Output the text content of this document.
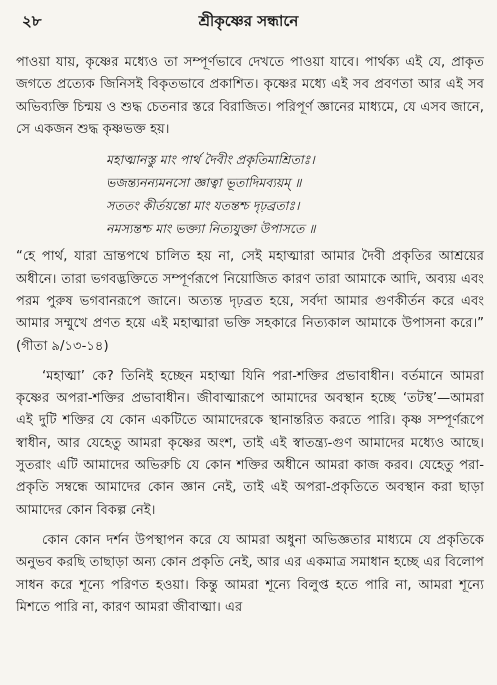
২৮	শ্রীকৃষ্ণের সন্ধানে

পাওয়া যায়, কৃষ্ণের মধ্যেও তা সম্পূর্ণভাবে দেখতে পাওয়া যাবে। পার্থক্য এই যে, প্রাকৃত জগতে প্রত্যেক জিনিসই বিকৃতভাবে প্রকাশিত। কৃষ্ণের মধ্যে এই সব প্রবণতা আর এই সব অভিব্যক্তি চিন্ময় ও শুদ্ধ চেতনার স্তরে বিরাজিত। পরিপূর্ণ জ্ঞানের মাধ্যমে, যে এসব জানে, সে একজন শুদ্ধ কৃষ্ণভক্ত হয়।

মহাত্মানস্তু মাং পার্থ দৈবীং প্রকৃতিমাশ্রিতাঃ।
ভজন্ত্যনন্যমনসো জ্ঞাত্বা ভূতাদিমব্যয়ম্ ॥
সততং কীর্তয়ন্তো মাং যতন্তশ্চ দৃঢ়ব্রতাঃ।
নমস্যন্তশ্চ মাং ভক্ত্যা নিত্যযুক্তা উপাসতে ॥

“হে পার্থ, যারা ভ্রান্তপথে চালিত হয় না, সেই মহাত্মারা আমার দৈবী প্রকৃতির আশ্রয়ের অধীনে। তারা ভগবদ্ভক্তিতে সম্পূর্ণরূপে নিয়োজিত কারণ তারা আমাকে আদি, অব্যয় এবং পরম পুরুষ ভগবানরূপে জানে। অত্যন্ত দৃঢ়ব্রত হয়ে, সর্বদা আমার গুণকীর্তন করে এবং আমার সম্মুখে প্রণত হয়ে এই মহাত্মারা ভক্তি সহকারে নিত্যকাল আমাকে উপাসনা করে।” (গীতা ৯/১৩-১৪)

‘মহাত্মা’ কে? তিনিই হচ্ছেন মহাত্মা যিনি পরা-শক্তির প্রভাবাধীন। বর্তমানে আমরা কৃষ্ণের অপরা-শক্তির প্রভাবাধীন। জীবাত্মারূপে আমাদের অবস্থান হচ্ছে ‘তটস্থ’—আমরা এই দুটি শক্তির যে কোন একটিতে আমাদেরকে স্থানান্তরিত করতে পারি। কৃষ্ণ সম্পূর্ণরূপে স্বাধীন, আর যেহেতু আমরা কৃষ্ণের অংশ, তাই এই স্বাতন্ত্র্য-গুণ আমাদের মধ্যেও আছে। সুতরাং এটি আমাদের অভিরুচি যে কোন শক্তির অধীনে আমরা কাজ করব। যেহেতু পরা-প্রকৃতি সম্বন্ধে আমাদের কোন জ্ঞান নেই, তাই এই অপরা-প্রকৃতিতে অবস্থান করা ছাড়া আমাদের কোন বিকল্প নেই।

কোন কোন দর্শন উপস্থাপন করে যে আমরা অধুনা অভিজ্ঞতার মাধ্যমে যে প্রকৃতিকে অনুভব করছি তাছাড়া অন্য কোন প্রকৃতি নেই, আর এর একমাত্র সমাধান হচ্ছে এর বিলোপ সাধন করে শূন্যে পরিণত হওয়া। কিন্তু আমরা শূন্যে বিলুপ্ত হতে পারি না, আমরা শূন্যে মিশতে পারি না, কারণ আমরা জীবাত্মা। এর
